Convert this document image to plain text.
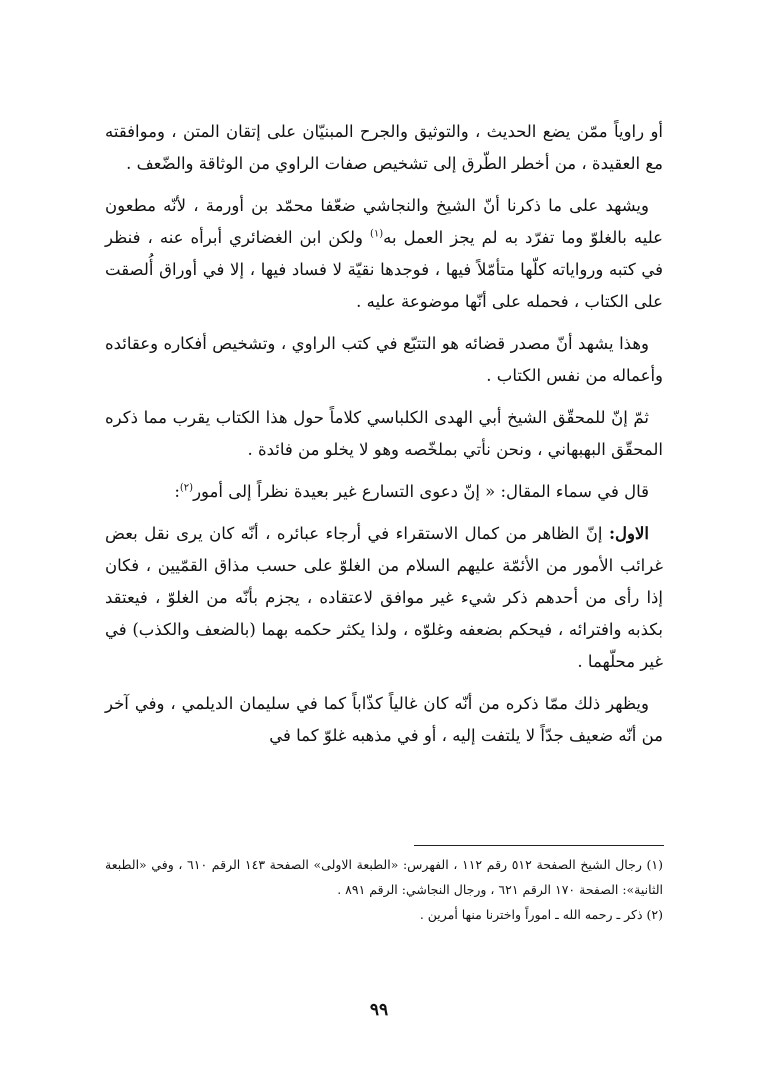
أو راوياً ممّن يضع الحديث ، والتوثيق والجرح المبنيّان على إتقان المتن ، وموافقته مع العقيدة ، من أخطر الطّرق إلى تشخيص صفات الراوي من الوثاقة والضّعف .

ويشهد على ما ذكرنا أنّ الشيخ والنجاشي ضعّفا محمّد بن أورمة ، لأنّه مطعون عليه بالغلوّ وما تفرّد به لم يجز العمل به$^{(١)}$ ولكن ابن الغضائري أبرأه عنه ، فنظر في كتبه ورواياته كلّها متأمّلاً فيها ، فوجدها نقيّة لا فساد فيها ، إلا في أوراق أُلصقت على الكتاب ، فحمله على أنّها موضوعة عليه .

وهذا يشهد أنّ مصدر قضائه هو التتبّع في كتب الراوي ، وتشخيص أفكاره وعقائده وأعماله من نفس الكتاب .

ثمّ إنّ للمحقّق الشيخ أبي الهدى الكلباسي كلاماً حول هذا الكتاب يقرب مما ذكره المحقّق البهبهاني ، ونحن نأتي بملخّصه وهو لا يخلو من فائدة .

قال في سماء المقال: « إنّ دعوى التسارع غير بعيدة نظراً إلى أمور$^{(٢)}$:

الاول: إنّ الظاهر من كمال الاستقراء في أرجاء عبائره ، أنّه كان يرى نقل بعض غرائب الأمور من الأئمّة عليهم السلام من الغلوّ على حسب مذاق القمّيين ، فكان إذا رأى من أحدهم ذكر شيء غير موافق لاعتقاده ، يجزم بأنّه من الغلوّ ، فيعتقد بكذبه وافترائه ، فيحكم بضعفه وغلوّه ، ولذا يكثر حكمه بهما (بالضعف والكذب) في غير محلّهما .

ويظهر ذلك ممّا ذكره من أنّه كان غالياً كذّاباً كما في سليمان الديلمي ، وفي آخر من أنّه ضعيف جدّاً لا يلتفت إليه ، أو في مذهبه غلوّ كما في

(١) رجال الشيخ الصفحة ٥١٢ رقم ١١٢ ، الفهرس: «الطبعة الاولى» الصفحة ١٤٣ الرقم ٦١٠ ، وفي «الطبعة الثانية»: الصفحة ١٧٠ الرقم ٦٢١ ، ورجال النجاشي: الرقم ٨٩١ .

(٢) ذكر ـ رحمه الله ـ اموراً واخترنا منها أمرين .

٩٩
